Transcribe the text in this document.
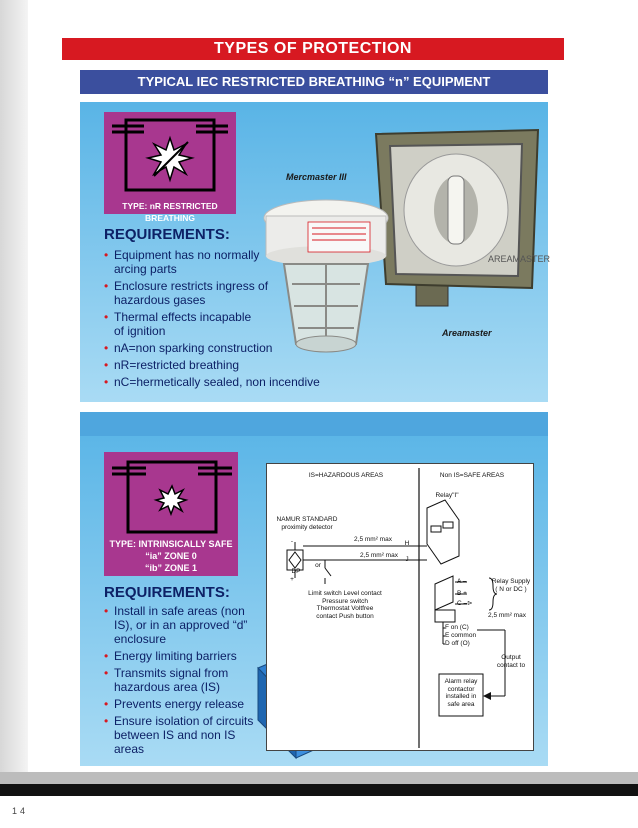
TYPES OF PROTECTION
TYPICAL IEC RESTRICTED BREATHING “n” EQUIPMENT
TYPE: nR RESTRICTED BREATHING
REQUIREMENTS:
• Equipment has no normally arcing parts
• Enclosure restricts ingress of hazardous gases
• Thermal effects incapable of ignition
• nA=non sparking construction
• nR=restricted breathing
• nC=hermetically sealed, non incendive
Mercmaster III
Areamaster
AREAMASTER
TYPE: INTRINSICALLY SAFE
“ia” ZONE 0
“ib” ZONE 1
REQUIREMENTS:
• Install in safe areas (non IS), or in an approved “d” enclosure
• Energy limiting barriers
• Transmits signal from hazardous area (IS)
• Prevents energy release
• Ensure isolation of circuits between IS and non IS areas
IS=HAZARDOUS AREAS	Non IS=SAFE AREAS
Relay"I"
NAMUR STANDARD proximity detector
2,5 mm² max
2,5 mm² max
or
-
+
DP
H
J
Limit switch Level contact Pressure switch Thermostat Voltfree contact Push button
A –
B +
C –⊳
Relay Supply ( N or DC )
F on (C)
E common
D off (O)
2,5 mm² max
Output contact to
Alarm relay contactor installed in safe area
14
